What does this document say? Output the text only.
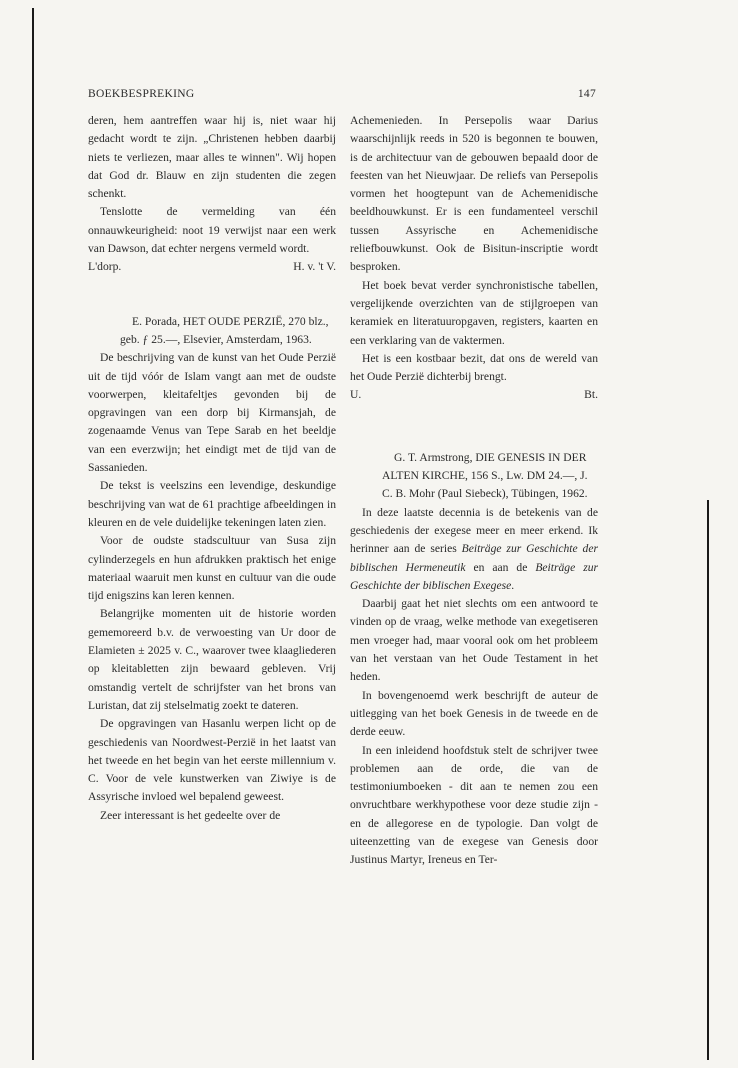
BOEKBESPREKING	147

deren, hem aantreffen waar hij is, niet waar hij gedacht wordt te zijn. „Christenen hebben daarbij niets te verliezen, maar alles te winnen". Wij hopen dat God dr. Blauw en zijn studenten die zegen schenkt.

Tenslotte de vermelding van één onnauwkeurigheid: noot 19 verwijst naar een werk van Dawson, dat echter nergens vermeld wordt.

L'dorp.	H. v. 't V.

E. Porada, HET OUDE PERZIË, 270 blz., geb. ƒ 25.—, Elsevier, Amsterdam, 1963.

De beschrijving van de kunst van het Oude Perzië uit de tijd vóór de Islam vangt aan met de oudste voorwerpen, kleitafeltjes gevonden bij de opgravingen van een dorp bij Kirmansjah, de zogenaamde Venus van Tepe Sarab en het beeldje van een everzwijn; het eindigt met de tijd van de Sassanieden.

De tekst is veelszins een levendige, deskundige beschrijving van wat de 61 prachtige afbeeldingen in kleuren en de vele duidelijke tekeningen laten zien.

Voor de oudste stadscultuur van Susa zijn cylinderzegels en hun afdrukken praktisch het enige materiaal waaruit men kunst en cultuur van die oude tijd enigszins kan leren kennen.

Belangrijke momenten uit de historie worden gememoreerd b.v. de verwoesting van Ur door de Elamieten ± 2025 v. C., waarover twee klaagliederen op kleitabletten zijn bewaard gebleven. Vrij omstandig vertelt de schrijfster van het brons van Luristan, dat zij stelselmatig zoekt te dateren.

De opgravingen van Hasanlu werpen licht op de geschiedenis van Noordwest-Perzië in het laatst van het tweede en het begin van het eerste millennium v. C. Voor de vele kunstwerken van Ziwiye is de Assyrische invloed wel bepalend geweest.

Zeer interessant is het gedeelte over de

Achemenieden. In Persepolis waar Darius waarschijnlijk reeds in 520 is begonnen te bouwen, is de architectuur van de gebouwen bepaald door de feesten van het Nieuwjaar. De reliefs van Persepolis vormen het hoogtepunt van de Achemenidische beeldhouwkunst. Er is een fundamenteel verschil tussen Assyrische en Achemenidische reliefbouwkunst. Ook de Bisitun-inscriptie wordt besproken.

Het boek bevat verder synchronistische tabellen, vergelijkende overzichten van de stijlgroepen van keramiek en literatuuropgaven, registers, kaarten en een verklaring van de vaktermen.

Het is een kostbaar bezit, dat ons de wereld van het Oude Perzië dichterbij brengt.

U.	Bt.

G. T. Armstrong, DIE GENESIS IN DER ALTEN KIRCHE, 156 S., Lw. DM 24.—, J. C. B. Mohr (Paul Siebeck), Tübingen, 1962.

In deze laatste decennia is de betekenis van de geschiedenis der exegese meer en meer erkend. Ik herinner aan de series Beiträge zur Geschichte der biblischen Hermeneutik en aan de Beiträge zur Geschichte der biblischen Exegese.

Daarbij gaat het niet slechts om een antwoord te vinden op de vraag, welke methode van exegetiseren men vroeger had, maar vooral ook om het probleem van het verstaan van het Oude Testament in het heden.

In bovengenoemd werk beschrijft de auteur de uitlegging van het boek Genesis in de tweede en de derde eeuw.

In een inleidend hoofdstuk stelt de schrijver twee problemen aan de orde, die van de testimoniumboeken - dit aan te nemen zou een onvruchtbare werkhypothese voor deze studie zijn - en de allegorese en de typologie. Dan volgt de uiteenzetting van de exegese van Genesis door Justinus Martyr, Ireneus en Ter-
